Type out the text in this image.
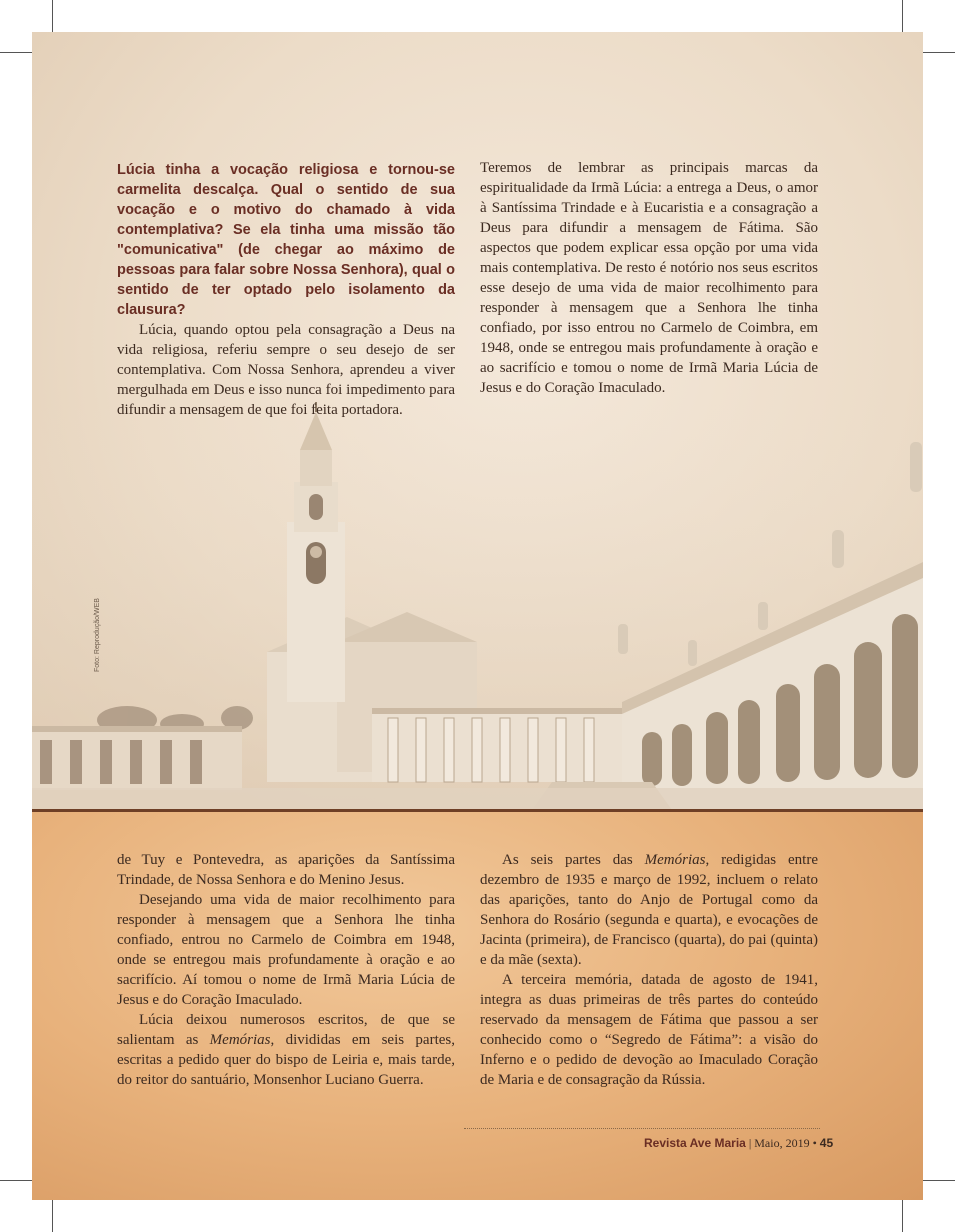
Foto: Reprodução/WEB

Lúcia tinha a vocação religiosa e tornou-se carmelita descalça. Qual o sentido de sua vocação e o motivo do chamado à vida contemplativa? Se ela tinha uma missão tão "comunicativa" (de chegar ao máximo de pessoas para falar sobre Nossa Senhora), qual o sentido de ter optado pelo isolamento da clausura?

Lúcia, quando optou pela consagração a Deus na vida religiosa, referiu sempre o seu desejo de ser contemplativa. Com Nossa Senhora, aprendeu a viver mergulhada em Deus e isso nunca foi impedimento para difundir a mensagem de que foi feita portadora.

Teremos de lembrar as principais marcas da espiritualidade da Irmã Lúcia: a entrega a Deus, o amor à Santíssima Trindade e à Eucaristia e a consagração a Deus para difundir a mensagem de Fátima. São aspectos que podem explicar essa opção por uma vida mais contemplativa. De resto é notório nos seus escritos esse desejo de uma vida de maior recolhimento para responder à mensagem que a Senhora lhe tinha confiado, por isso entrou no Carmelo de Coimbra, em 1948, onde se entregou mais profundamente à oração e ao sacrifício e tomou o nome de Irmã Maria Lúcia de Jesus e do Coração Imaculado.

de Tuy e Pontevedra, as aparições da Santíssima Trindade, de Nossa Senhora e do Menino Jesus.

Desejando uma vida de maior recolhimento para responder à mensagem que a Senhora lhe tinha confiado, entrou no Carmelo de Coimbra em 1948, onde se entregou mais profundamente à oração e ao sacrifício. Aí tomou o nome de Irmã Maria Lúcia de Jesus e do Coração Imaculado.

Lúcia deixou numerosos escritos, de que se salientam as Memórias, divididas em seis partes, escritas a pedido quer do bispo de Leiria e, mais tarde, do reitor do santuário, Monsenhor Luciano Guerra.

As seis partes das Memórias, redigidas entre dezembro de 1935 e março de 1992, incluem o relato das aparições, tanto do Anjo de Portugal como da Senhora do Rosário (segunda e quarta), e evocações de Jacinta (primeira), de Francisco (quarta), do pai (quinta) e da mãe (sexta).

A terceira memória, datada de agosto de 1941, integra as duas primeiras de três partes do conteúdo reservado da mensagem de Fátima que passou a ser conhecido como o “Segredo de Fátima”: a visão do Inferno e o pedido de devoção ao Imaculado Coração de Maria e de consagração da Rússia.

Revista Ave Maria | Maio, 2019 • 45
